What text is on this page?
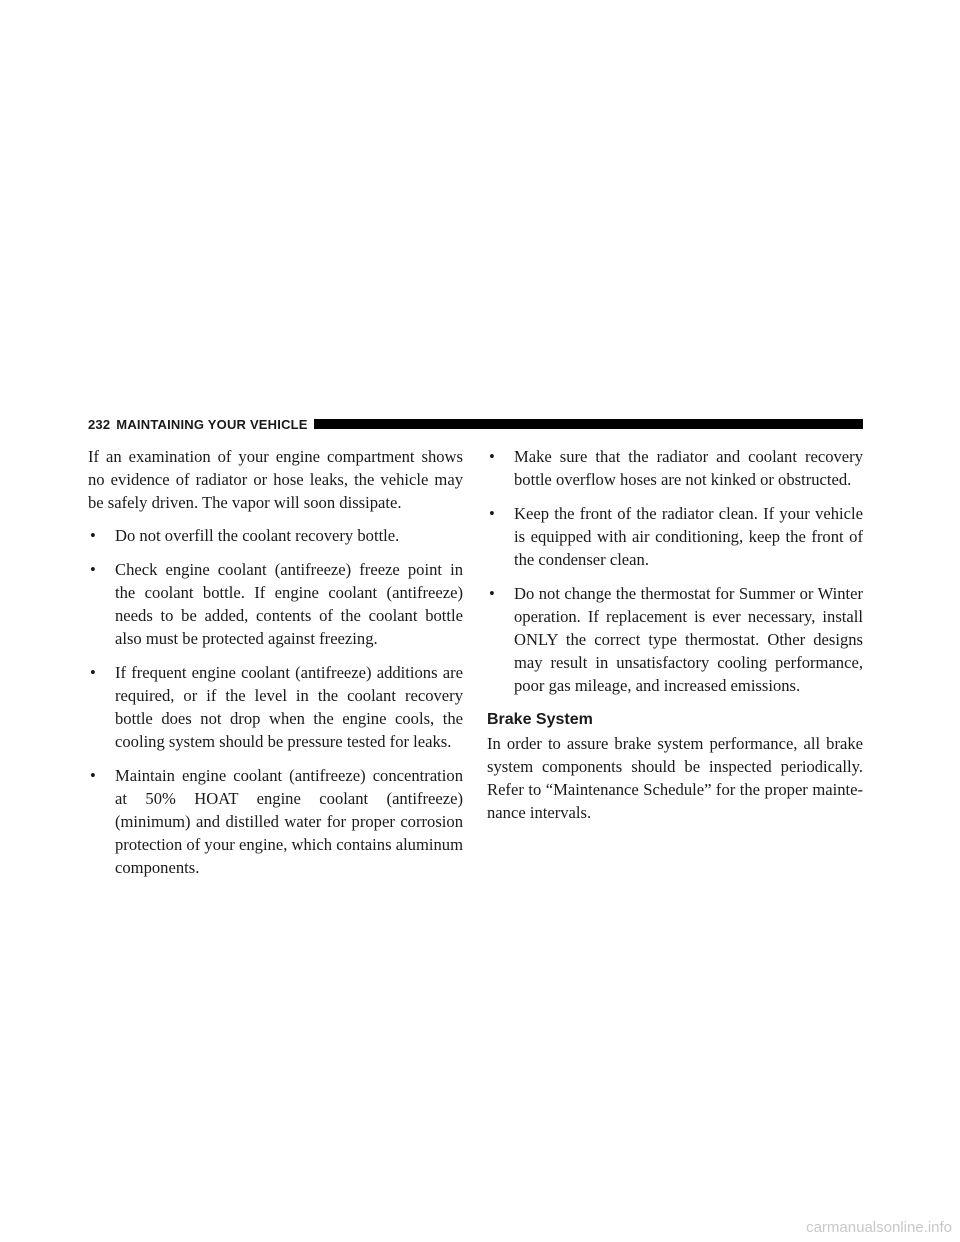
232 MAINTAINING YOUR VEHICLE

If an examination of your engine compartment shows no evidence of radiator or hose leaks, the vehicle may be safely driven. The vapor will soon dissipate.

•	Do not overfill the coolant recovery bottle.
•	Check engine coolant (antifreeze) freeze point in the coolant bottle. If engine coolant (antifreeze) needs to be added, contents of the coolant bottle also must be protected against freezing.
•	If frequent engine coolant (antifreeze) additions are required, or if the level in the coolant recovery bottle does not drop when the engine cools, the cooling system should be pressure tested for leaks.
•	Maintain engine coolant (antifreeze) concentration at 50% HOAT engine coolant (antifreeze) (minimum) and distilled water for proper corrosion protection of your engine, which contains aluminum components.
•	Make sure that the radiator and coolant recovery bottle overflow hoses are not kinked or obstructed.
•	Keep the front of the radiator clean. If your vehicle is equipped with air conditioning, keep the front of the condenser clean.
•	Do not change the thermostat for Summer or Winter operation. If replacement is ever necessary, install ONLY the correct type thermostat. Other designs may result in unsatisfactory cooling performance, poor gas mileage, and increased emissions.
Brake System

In order to assure brake system performance, all brake system components should be inspected periodically. Refer to “Maintenance Schedule” for the proper mainte-nance intervals.

carmanualsonline.info
